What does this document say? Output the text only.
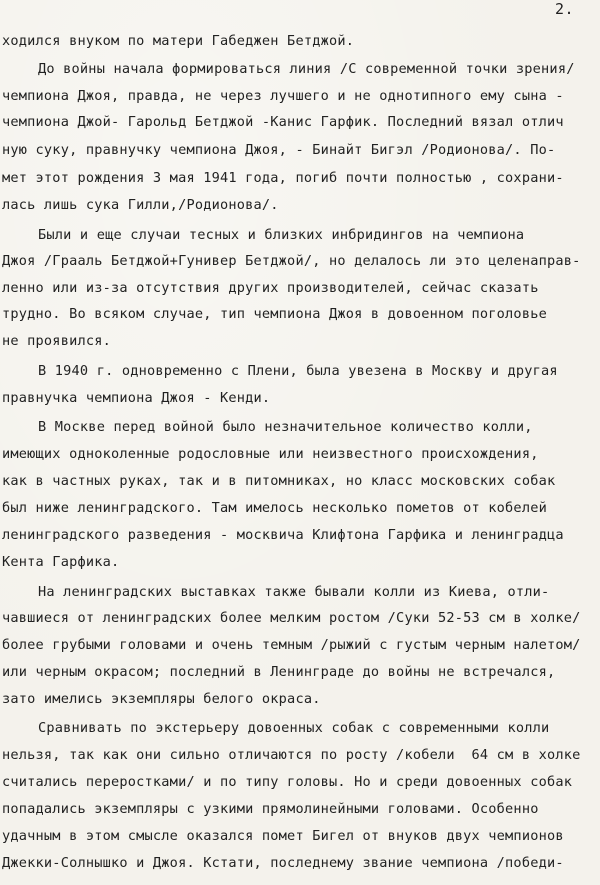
2.
ходился внуком по матери Габеджен Бетджой.
До войны начала формироваться линия /С современной точки зрения/
чемпиона Джоя, правда, не через лучшего и не однотипного ему сына -
чемпиона Джой- Гарольд Бетджой -Канис Гарфик. Последний вязал отлич
ную суку, правнучку чемпиона Джоя, - Бинайт Бигэл /Родионова/. По-
мет этот рождения 3 мая 1941 года, погиб почти полностью , сохрани-
лась лишь сука Гилли,/Родионова/.
Были и еще случаи тесных и близких инбридингов на чемпиона
Джоя /Грааль Бетджой+Гунивер Бетджой/, но делалось ли это целенаправ-
ленно или из-за отсутствия других производителей, сейчас сказать
трудно. Во всяком случае, тип чемпиона Джоя в довоенном поголовье
не проявился.
В 1940 г. одновременно с Плени, была увезена в Москву и другая
правнучка чемпиона Джоя - Кенди.
В Москве перед войной было незначительное количество колли,
имеющих одноколенные родословные или неизвестного происхождения,
как в частных руках, так и в питомниках, но класс московских собак
был ниже ленинградского. Там имелось несколько пометов от кобелей
ленинградского разведения - москвича Клифтона Гарфика и ленинградца
Кента Гарфика.
На ленинградских выставках также бывали колли из Киева, отли-
чавшиеся от ленинградских более мелким ростом /Суки 52-53 см в холке/
более грубыми головами и очень темным /рыжий с густым черным налетом/
или черным окрасом; последний в Ленинграде до войны не встречался,
зато имелись экземпляры белого окраса.
Сравнивать по экстерьеру довоенных собак с современными колли
нельзя, так как они сильно отличаются по росту /кобели  64 см в холке
считались переростками/ и по типу головы. Но и среди довоенных собак
попадались экземпляры с узкими прямолинейными головами. Особенно
удачным в этом смысле оказался помет Бигел от внуков двух чемпионов
Джекки-Солнышко и Джоя. Кстати, последнему звание чемпиона /победи-
